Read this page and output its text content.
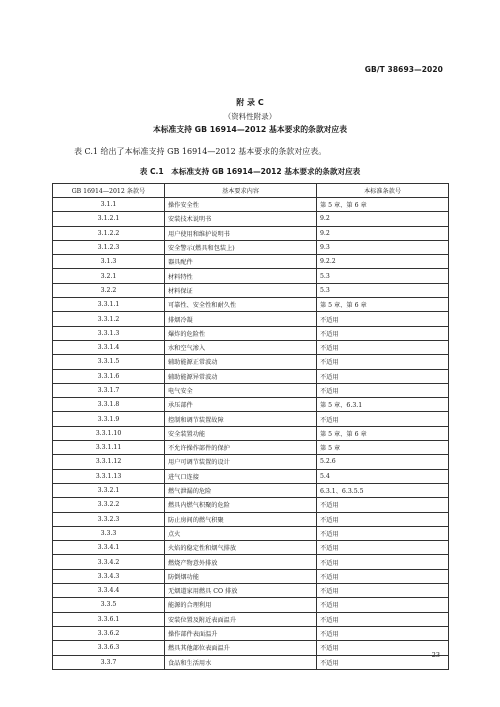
GB/T 38693—2020
附 录 C
（资料性附录）
本标准支持 GB 16914—2012 基本要求的条款对应表
表 C.1 给出了本标准支持 GB 16914—2012 基本要求的条款对应表。
表 C.1　本标准支持 GB 16914—2012 基本要求的条款对应表
GB 16914—2012 条款号	基本要求内容	本标准条款号
3.1.1	操作安全性	第 5 章、第 6 章
3.1.2.1	安装技术说明书	9.2
3.1.2.2	用户使用和维护说明书	9.2
3.1.2.3	安全警示(燃具和包装上)	9.3
3.1.3	器具配件	9.2.2
3.2.1	材料特性	5.3
3.2.2	材料保证	5.3
3.3.1.1	可靠性、安全性和耐久性	第 5 章、第 6 章
3.3.1.2	排烟冷凝	不适用
3.3.1.3	爆炸的危险性	不适用
3.3.1.4	水和空气渗入	不适用
3.3.1.5	辅助能源正常波动	不适用
3.3.1.6	辅助能源异常波动	不适用
3.3.1.7	电气安全	不适用
3.3.1.8	承压部件	第 5 章、6.3.1
3.3.1.9	控制和调节装置故障	不适用
3.3.1.10	安全装置功能	第 5 章、第 6 章
3.3.1.11	不允许操作部件的保护	第 5 章
3.3.1.12	用户可调节装置的设计	5.2.6
3.3.1.13	进气口连接	5.4
3.3.2.1	燃气泄漏的危险	6.3.1、6.3.5.5
3.3.2.2	燃具内燃气积聚的危险	不适用
3.3.2.3	防止房间的燃气积聚	不适用
3.3.3	点火	不适用
3.3.4.1	火焰的稳定性和烟气排放	不适用
3.3.4.2	燃烧产物意外排放	不适用
3.3.4.3	防倒烟功能	不适用
3.3.4.4	无烟道家用燃具 CO 排放	不适用
3.3.5	能源的合理利用	不适用
3.3.6.1	安装位置及附近表面温升	不适用
3.3.6.2	操作部件表面温升	不适用
3.3.6.3	燃具其他部位表面温升	不适用
3.3.7	食品和生活用水	不适用
23
